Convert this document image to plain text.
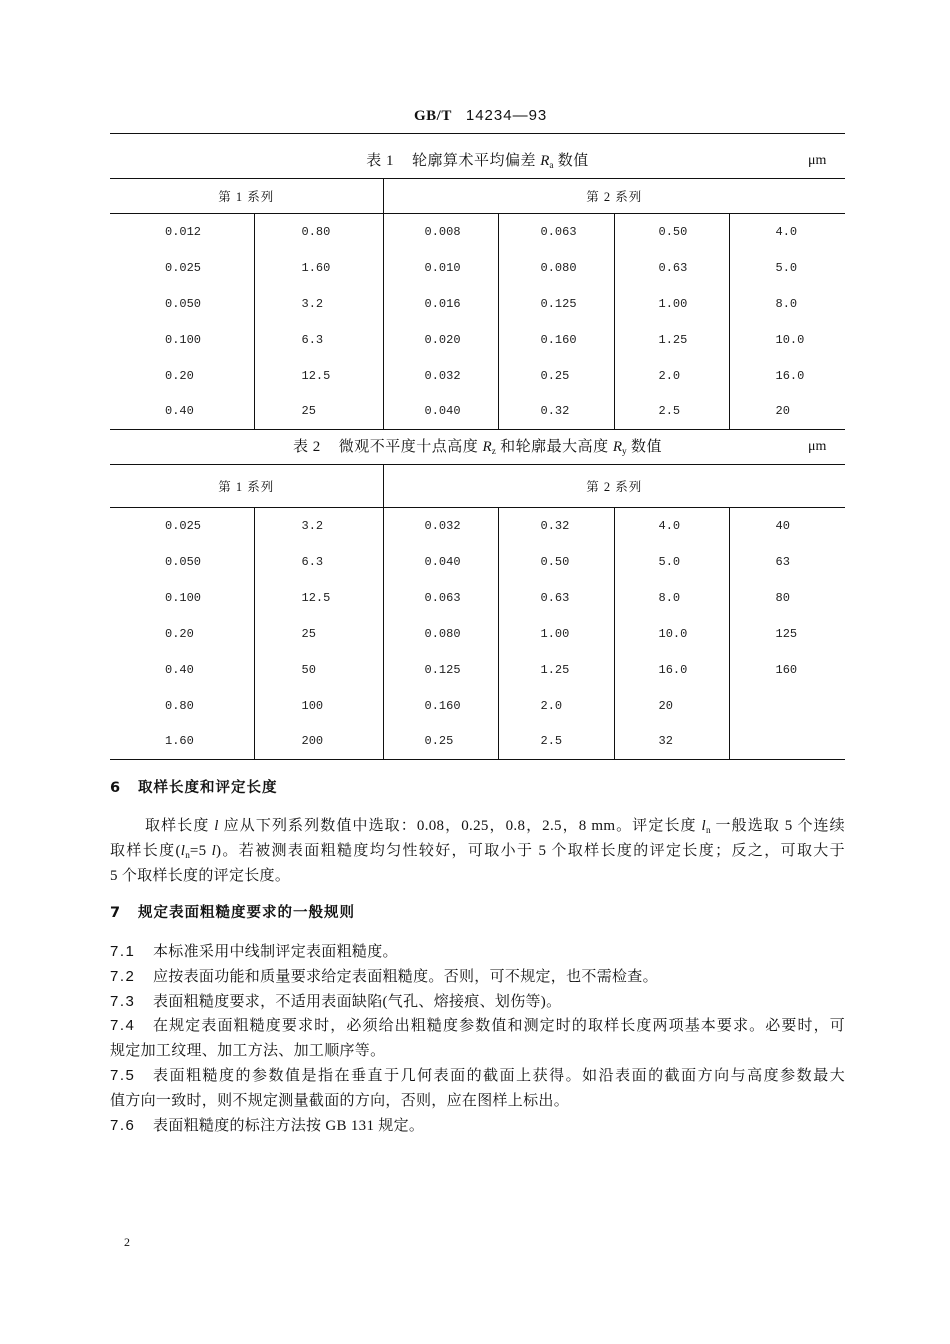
GB/T 14234—93
表 1 轮廓算术平均偏差 $R_a$ 数值	μm
第 1 系列		第 2 系列			
0.012	0.80	0.008	0.063	0.50	4.0
0.025	1.60	0.010	0.080	0.63	5.0
0.050	3.2	0.016	0.125	1.00	8.0
0.100	6.3	0.020	0.160	1.25	10.0
0.20	12.5	0.032	0.25	2.0	16.0
0.40	25	0.040	0.32	2.5	20
表 2 微观不平度十点高度 $R_z$ 和轮廓最大高度 $R_y$ 数值	μm
第 1 系列		第 2 系列			
0.025	3.2	0.032	0.32	4.0	40
0.050	6.3	0.040	0.50	5.0	63
0.100	12.5	0.063	0.63	8.0	80
0.20	25	0.080	1.00	10.0	125
0.40	50	0.125	1.25	16.0	160
0.80	100	0.160	2.0	20	
1.60	200	0.25	2.5	32	
6 取样长度和评定长度
取样长度 l 应从下列系列数值中选取：0.08，0.25，0.8，2.5，8 mm。评定长度 $l_n$ 一般选取 5 个连续
取样长度($l_n=5$ l)。若被测表面粗糙度均匀性较好，可取小于 5 个取样长度的评定长度；反之，可取大于
5 个取样长度的评定长度。
7 规定表面粗糙度要求的一般规则
7.1	本标准采用中线制评定表面粗糙度。
7.2	应按表面功能和质量要求给定表面粗糙度。否则，可不规定，也不需检查。
7.3	表面粗糙度要求，不适用表面缺陷(气孔、熔接痕、划伤等)。
7.4	在规定表面粗糙度要求时，必须给出粗糙度参数值和测定时的取样长度两项基本要求。必要时，可
规定加工纹理、加工方法、加工顺序等。
7.5	表面粗糙度的参数值是指在垂直于几何表面的截面上获得。如沿表面的截面方向与高度参数最大
值方向一致时，则不规定测量截面的方向，否则，应在图样上标出。
7.6	表面粗糙度的标注方法按 GB 131 规定。
2
